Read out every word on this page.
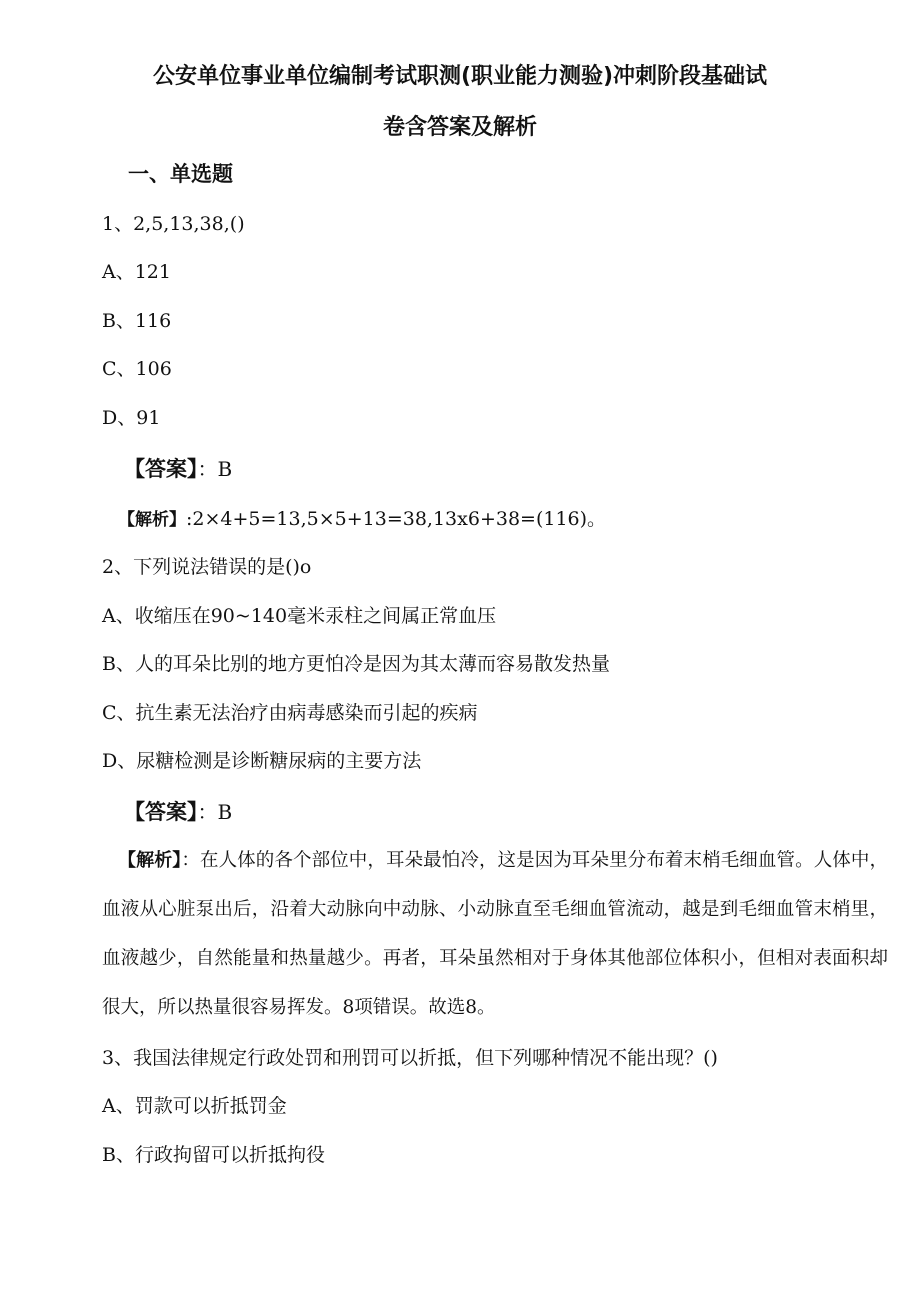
公安单位事业单位编制考试职测(职业能力测验)冲刺阶段基础试
卷含答案及解析
一、单选题
1、2,5,13,38,()
A、121
B、116
C、106
D、91
【答案】：B
【解析】:2×4+5=13,5×5+13=38,13x6+38=(116)。
2、下列说法错误的是()o
A、收缩压在90~140毫米汞柱之间属正常血压
B、人的耳朵比别的地方更怕冷是因为其太薄而容易散发热量
C、抗生素无法治疗由病毒感染而引起的疾病
D、尿糖检测是诊断糖尿病的主要方法
【答案】：B
【解析】：在人体的各个部位中，耳朵最怕冷，这是因为耳朵里分布着末梢毛细血管。人体中，血液从心脏泵出后，沿着大动脉向中动脉、小动脉直至毛细血管流动，越是到毛细血管末梢里，血液越少，自然能量和热量越少。再者，耳朵虽然相对于身体其他部位体积小，但相对表面积却很大，所以热量很容易挥发。8项错误。故选8。
3、我国法律规定行政处罚和刑罚可以折抵，但下列哪种情况不能出现？()
A、罚款可以折抵罚金
B、行政拘留可以折抵拘役
